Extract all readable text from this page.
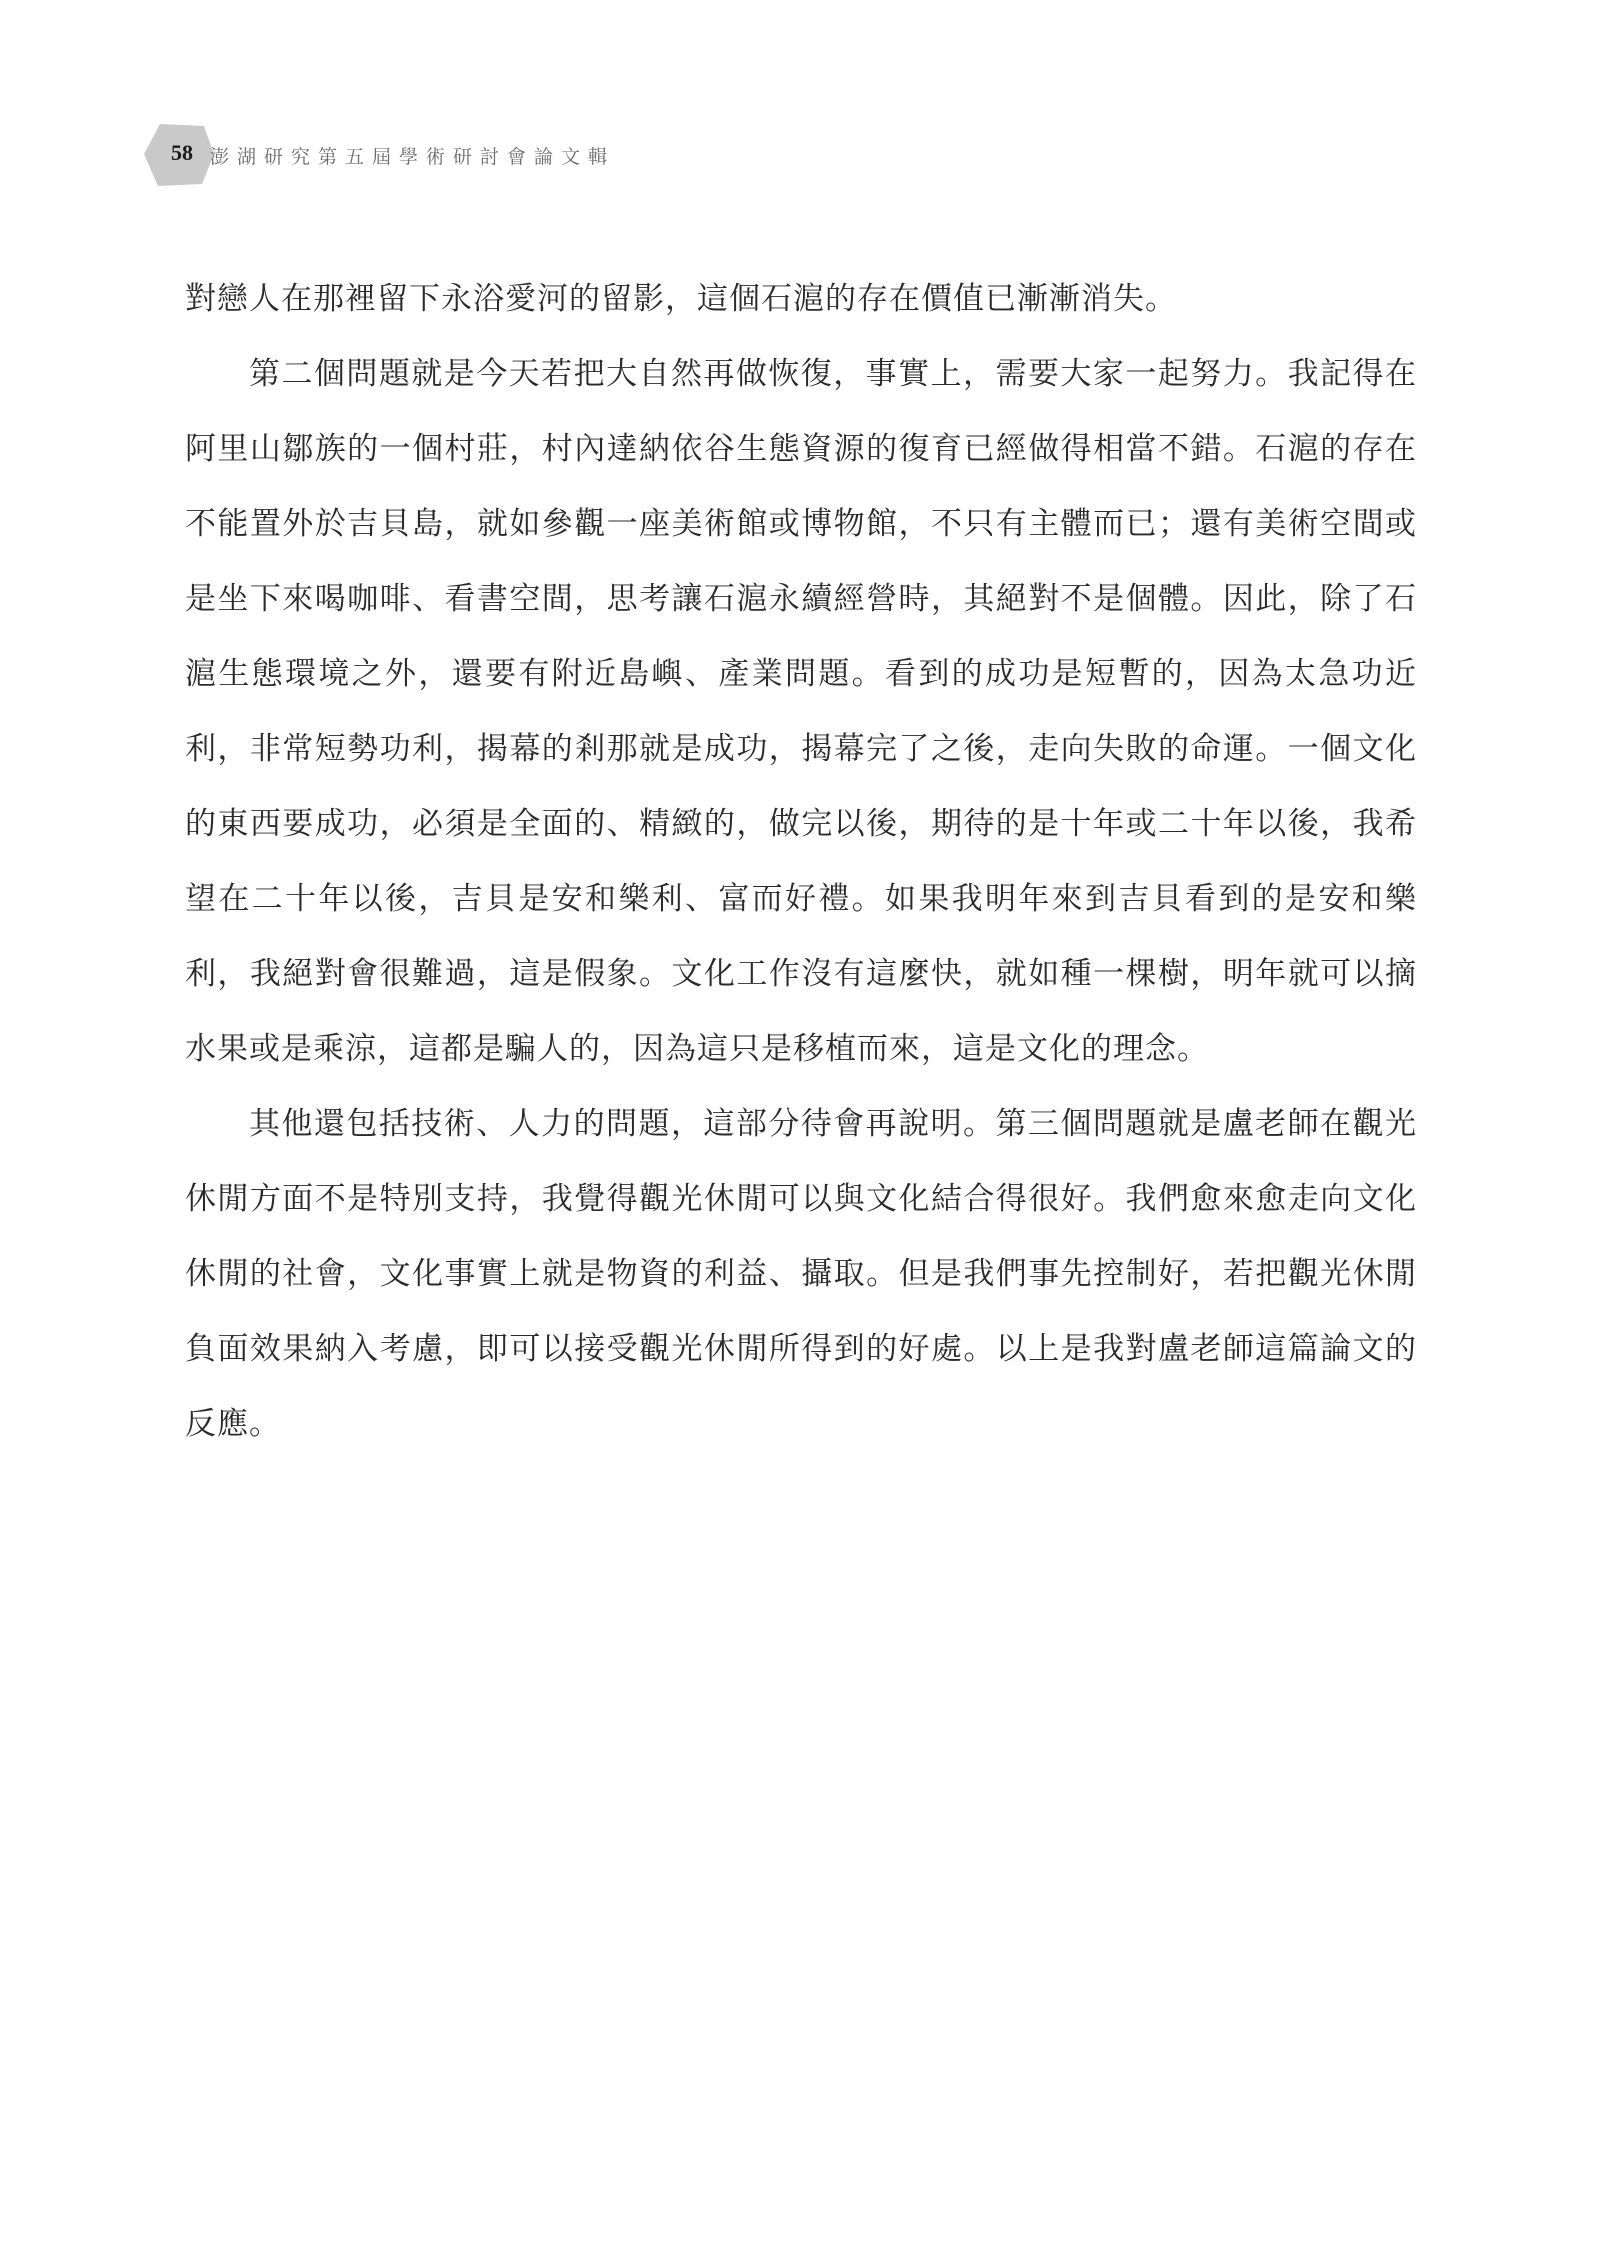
58 澎湖研究第五屆學術研討會論文輯

對戀人在那裡留下永浴愛河的留影，這個石滬的存在價值已漸漸消失。

第二個問題就是今天若把大自然再做恢復，事實上，需要大家一起努力。我記得在阿里山鄒族的一個村莊，村內達納依谷生態資源的復育已經做得相當不錯。石滬的存在不能置外於吉貝島，就如參觀一座美術館或博物館，不只有主體而已；還有美術空間或是坐下來喝咖啡、看書空間，思考讓石滬永續經營時，其絕對不是個體。因此，除了石滬生態環境之外，還要有附近島嶼、產業問題。看到的成功是短暫的，因為太急功近利，非常短勢功利，揭幕的剎那就是成功，揭幕完了之後，走向失敗的命運。一個文化的東西要成功，必須是全面的、精緻的，做完以後，期待的是十年或二十年以後，我希望在二十年以後，吉貝是安和樂利、富而好禮。如果我明年來到吉貝看到的是安和樂利，我絕對會很難過，這是假象。文化工作沒有這麼快，就如種一棵樹，明年就可以摘水果或是乘涼，這都是騙人的，因為這只是移植而來，這是文化的理念。

其他還包括技術、人力的問題，這部分待會再說明。第三個問題就是盧老師在觀光休閒方面不是特別支持，我覺得觀光休閒可以與文化結合得很好。我們愈來愈走向文化休閒的社會，文化事實上就是物資的利益、攝取。但是我們事先控制好，若把觀光休閒負面效果納入考慮，即可以接受觀光休閒所得到的好處。以上是我對盧老師這篇論文的反應。
